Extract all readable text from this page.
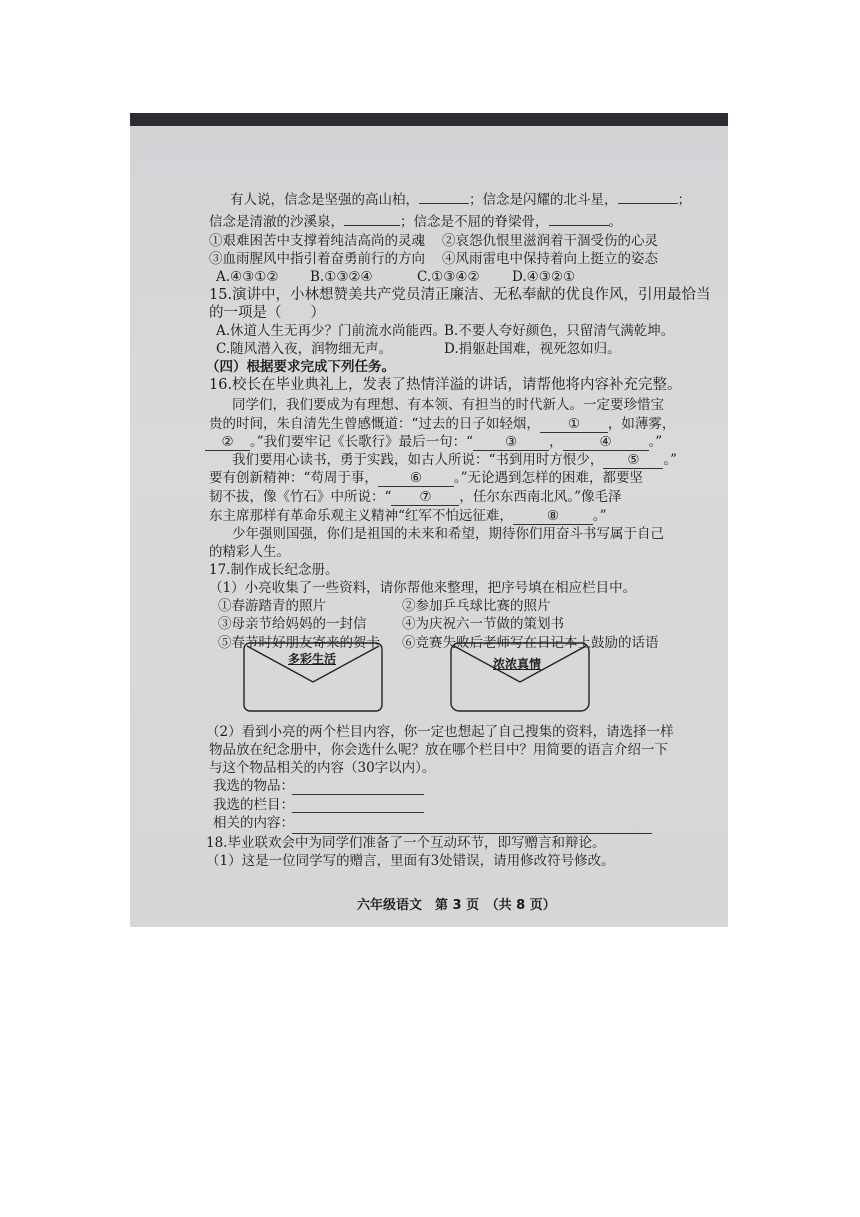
有人说，信念是坚强的高山柏，	；信念是闪耀的北斗星，	；
信念是清澈的沙溪泉，	；信念是不屈的脊梁骨，	。
①艰难困苦中支撑着纯洁高尚的灵魂 ②哀怨仇恨里滋润着干涸受伤的心灵
③血雨腥风中指引着奋勇前行的方向 ④风雨雷电中保持着向上挺立的姿态
A.④③①② B.①③②④	C.①③④② D.④③②①
15.演讲中，小林想赞美共产党员清正廉洁、无私奉献的优良作风，引用最恰当
的一项是（　　）
A.休道人生无再少？门前流水尚能西。
B.不要人夸好颜色，只留清气满乾坤。
C.随风潜入夜，润物细无声。	D.捐躯赴国难，视死忽如归。
（四）根据要求完成下列任务。
16.校长在毕业典礼上，发表了热情洋溢的讲话，请帮他将内容补充完整。
同学们，我们要成为有理想、有本领、有担当的时代新人。一定要珍惜宝
贵的时间，朱自清先生曾感慨道：“过去的日子如轻烟， ① ，如薄雾，
② 。”我们要牢记《长歌行》最后一句：“ ③ ，	④	。”
我们要用心读书，勇于实践，如古人所说：“书到用时方恨少， ⑤ 。”
要有创新精神：“苟周于事， ⑥ 。”无论遇到怎样的困难，都要坚
韧不拔，像《竹石》中所说：“ ⑦ ，任尔东西南北风。”像毛泽
东主席那样有革命乐观主义精神“红军不怕远征难，	⑧	。”
少年强则国强，你们是祖国的未来和希望，期待你们用奋斗书写属于自己
的精彩人生。
17.制作成长纪念册。
（1）小亮收集了一些资料，请你帮他来整理，把序号填在相应栏目中。
①春游踏青的照片	②参加乒乓球比赛的照片
③母亲节给妈妈的一封信	④为庆祝六一节做的策划书
⑤春节时好朋友寄来的贺卡 ⑥竞赛失败后老师写在日记本上鼓励的话语
多彩生活	浓浓真情
（2）看到小亮的两个栏目内容，你一定也想起了自己搜集的资料，请选择一样
物品放在纪念册中，你会选什么呢？放在哪个栏目中？用简要的语言介绍一下
与这个物品相关的内容（30字以内）。
我选的物品：
我选的栏目：
相关的内容：
18.毕业联欢会中为同学们准备了一个互动环节，即写赠言和辩论。
（1）这是一位同学写的赠言，里面有3处错误，请用修改符号修改。
六年级语文　第 3 页　（共 8 页）
